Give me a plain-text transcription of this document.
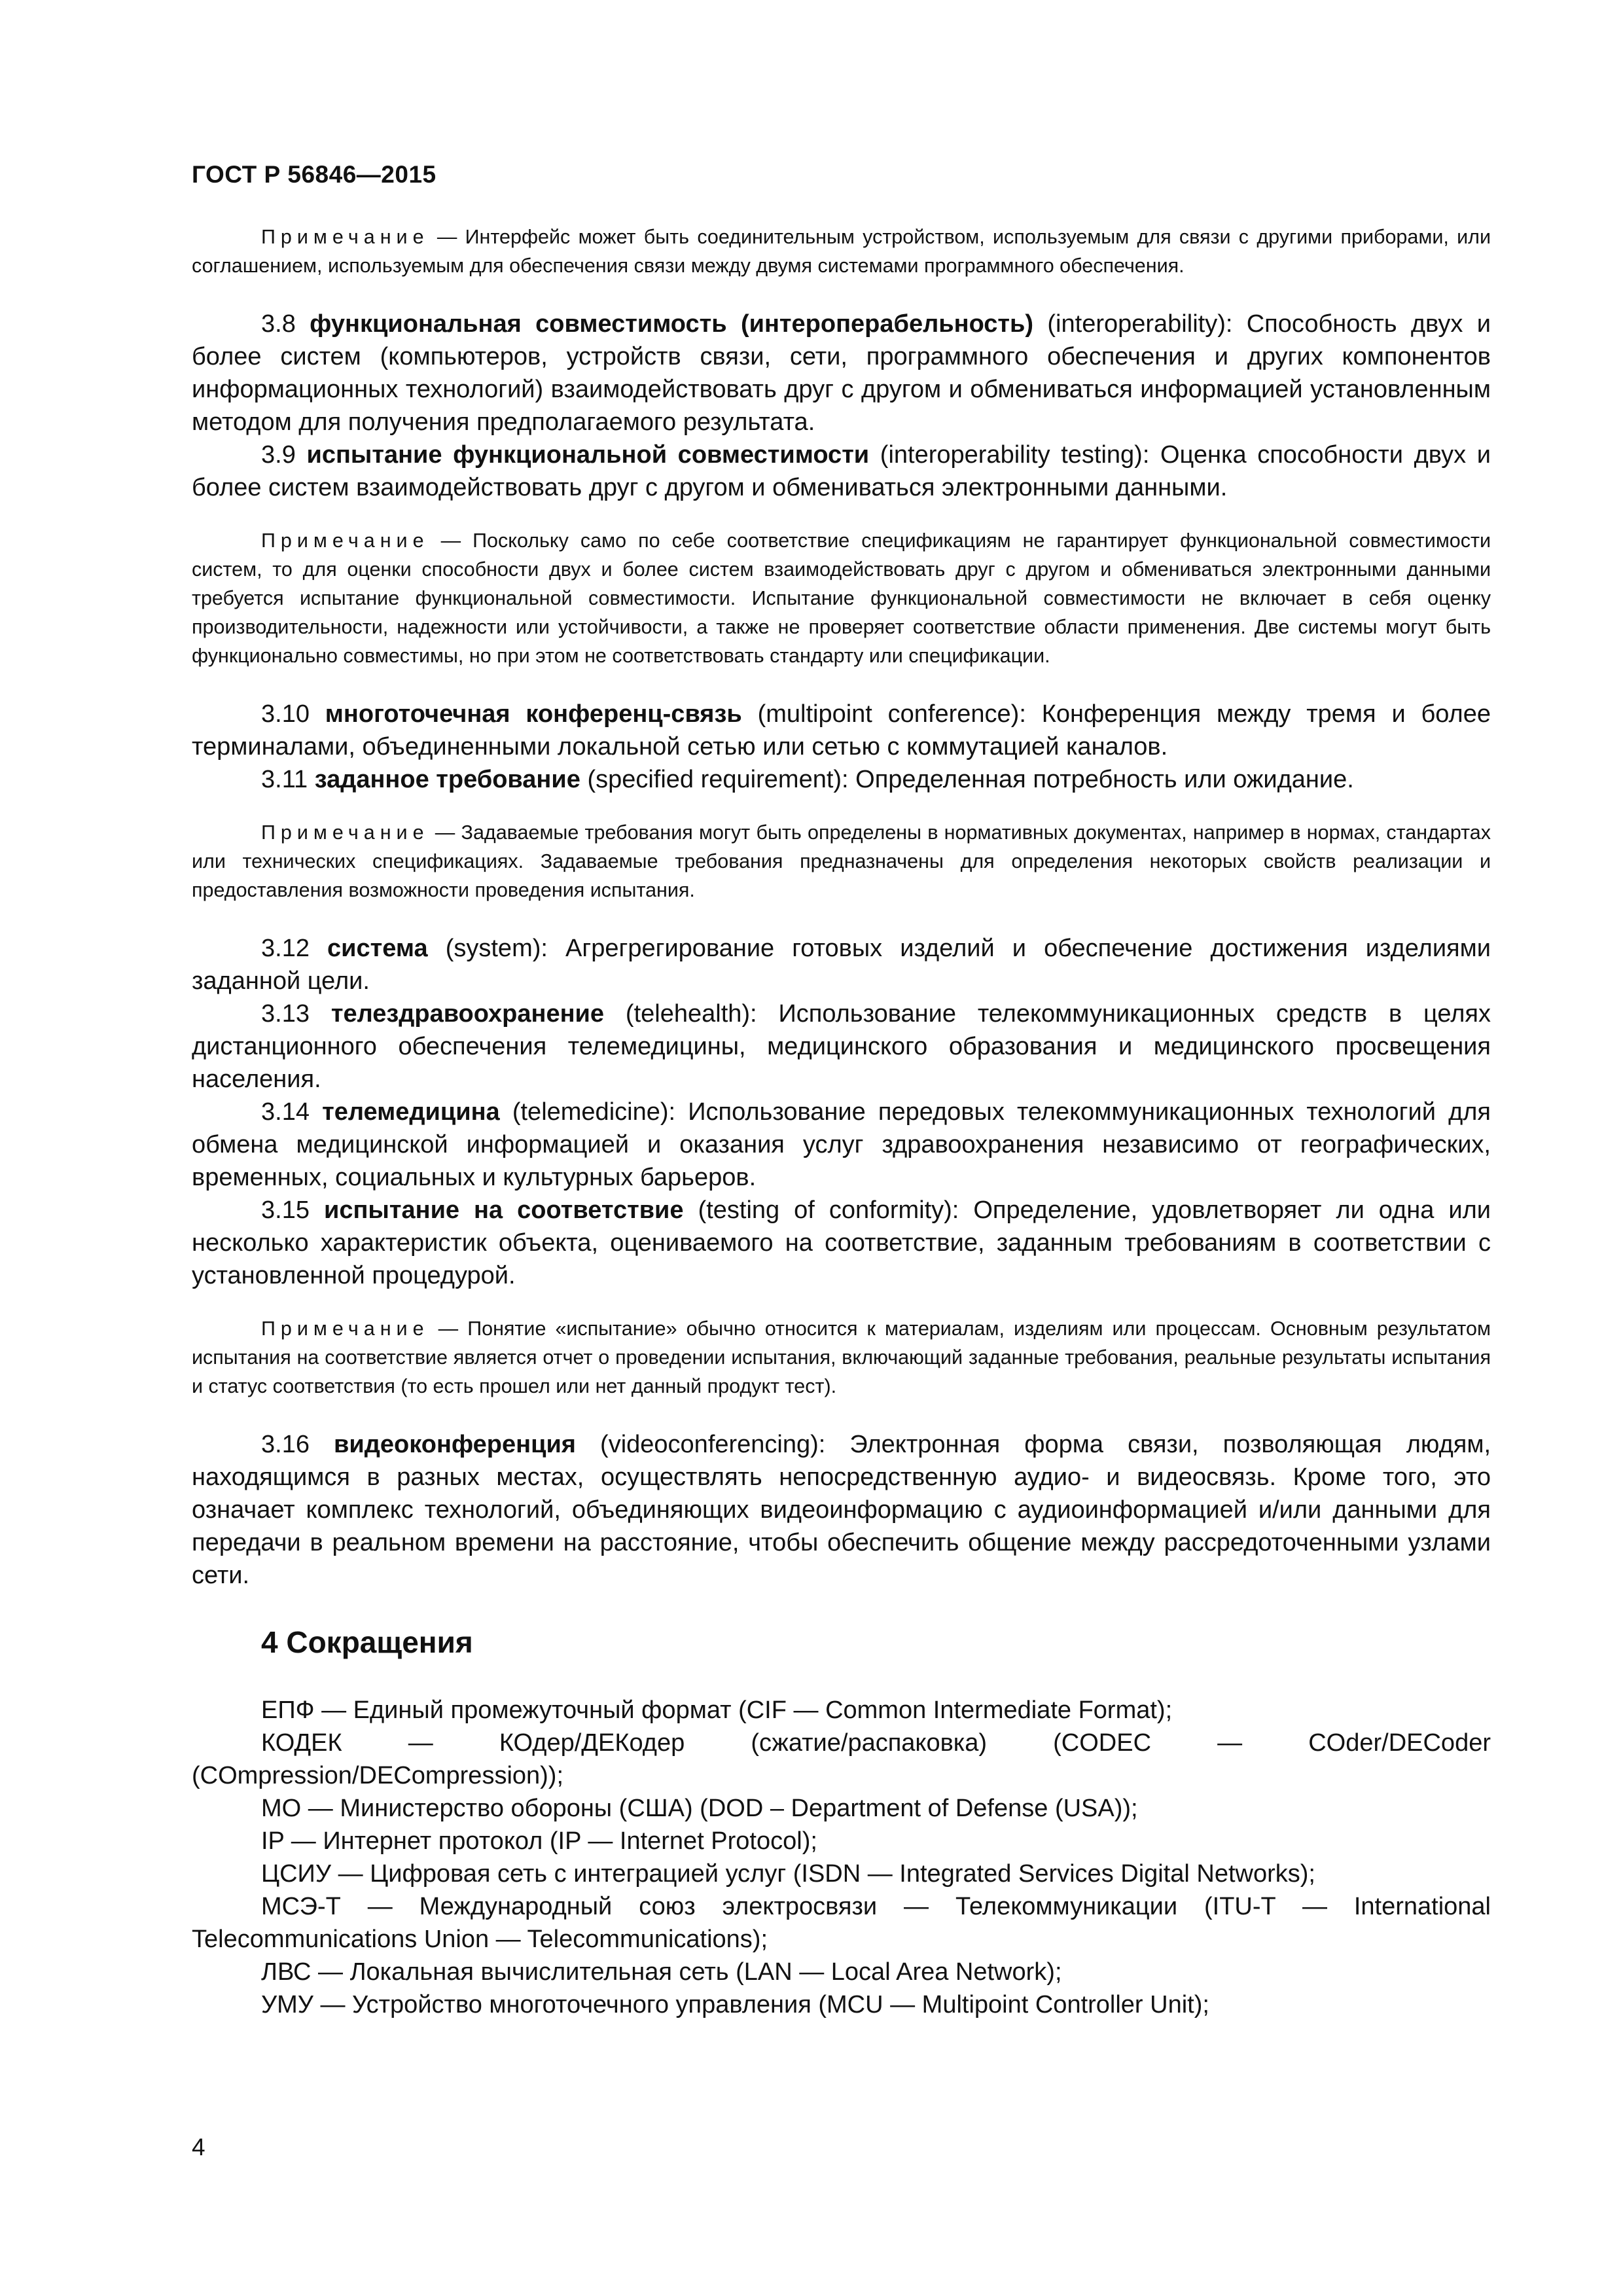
ГОСТ Р 56846—2015

Примечание — Интерфейс может быть соединительным устройством, используемым для связи с другими приборами, или соглашением, используемым для обеспечения связи между двумя системами программного обеспечения.

3.8 функциональная совместимость (интероперабельность) (interoperability): Способность двух и более систем (компьютеров, устройств связи, сети, программного обеспечения и других компонентов информационных технологий) взаимодействовать друг с другом и обмениваться информацией установленным методом для получения предполагаемого результата.

3.9 испытание функциональной совместимости (interoperability testing): Оценка способности двух и более систем взаимодействовать друг с другом и обмениваться электронными данными.

Примечание — Поскольку само по себе соответствие спецификациям не гарантирует функциональной совместимости систем, то для оценки способности двух и более систем взаимодействовать друг с другом и обмениваться электронными данными требуется испытание функциональной совместимости. Испытание функциональной совместимости не включает в себя оценку производительности, надежности или устойчивости, а также не проверяет соответствие области применения. Две системы могут быть функционально совместимы, но при этом не соответствовать стандарту или спецификации.

3.10 многоточечная конференц-связь (multipoint conference): Конференция между тремя и более терминалами, объединенными локальной сетью или сетью с коммутацией каналов.

3.11 заданное требование (specified requirement): Определенная потребность или ожидание.

Примечание — Задаваемые требования могут быть определены в нормативных документах, например в нормах, стандартах или технических спецификациях. Задаваемые требования предназначены для определения некоторых свойств реализации и предоставления возможности проведения испытания.

3.12 система (system): Агрегрегирование готовых изделий и обеспечение достижения изделиями заданной цели.

3.13 телездравоохранение (telehealth): Использование телекоммуникационных средств в целях дистанционного обеспечения телемедицины, медицинского образования и медицинского просвещения населения.

3.14 телемедицина (telemedicine): Использование передовых телекоммуникационных технологий для обмена медицинской информацией и оказания услуг здравоохранения независимо от географических, временных, социальных и культурных барьеров.

3.15 испытание на соответствие (testing of conformity): Определение, удовлетворяет ли одна или несколько характеристик объекта, оцениваемого на соответствие, заданным требованиям в соответствии с установленной процедурой.

Примечание — Понятие «испытание» обычно относится к материалам, изделиям или процессам. Основным результатом испытания на соответствие является отчет о проведении испытания, включающий заданные требования, реальные результаты испытания и статус соответствия (то есть прошел или нет данный продукт тест).

3.16 видеоконференция (videoconferencing): Электронная форма связи, позволяющая людям, находящимся в разных местах, осуществлять непосредственную аудио- и видеосвязь. Кроме того, это означает комплекс технологий, объединяющих видеоинформацию с аудиоинформацией и/или данными для передачи в реальном времени на расстояние, чтобы обеспечить общение между рассредоточенными узлами сети.

4 Сокращения

ЕПФ — Единый промежуточный формат (CIF — Common Intermediate Format);

КОДЕК — КОдер/ДЕКодер (сжатие/распаковка) (CODEC — COder/DECoder (COmpression/DECompression));

МО — Министерство обороны (США) (DOD – Department of Defense (USA));

IP — Интернет протокол (IP — Internet Protocol);

ЦСИУ — Цифровая сеть с интеграцией услуг (ISDN — Integrated Services Digital Networks);

МСЭ-Т — Международный союз электросвязи — Телекоммуникации (ITU-T — International Telecommunications Union — Telecommunications);

ЛВС — Локальная вычислительная сеть (LAN — Local Area Network);

УМУ — Устройство многоточечного управления (MCU — Multipoint Controller Unit);

4
